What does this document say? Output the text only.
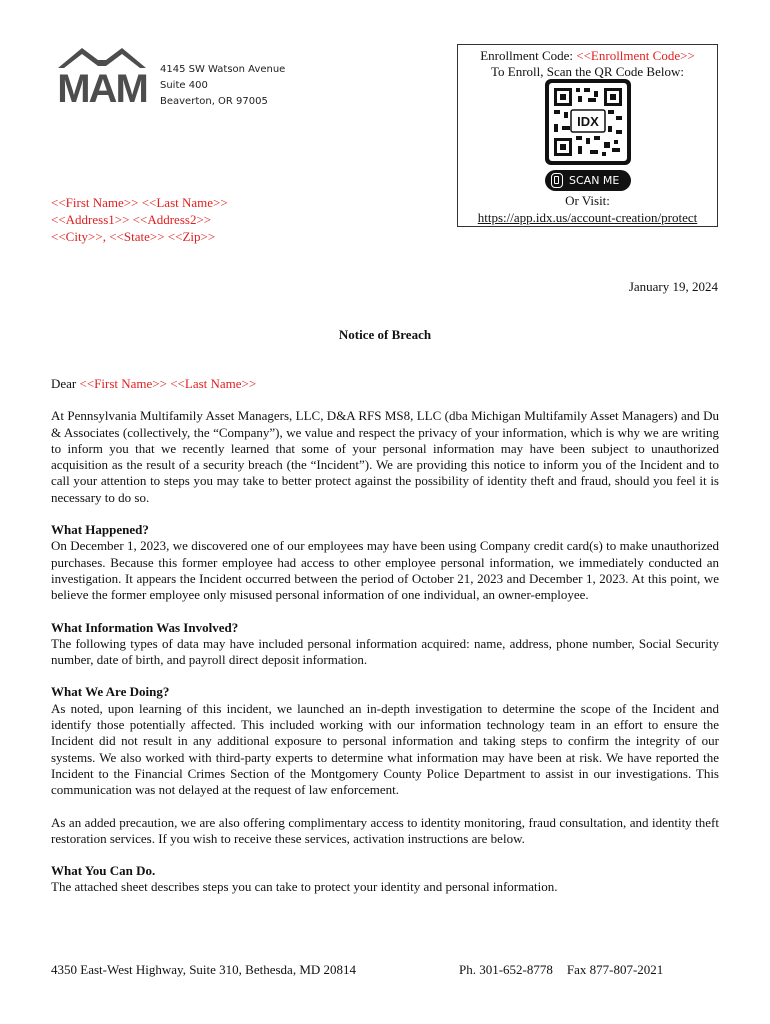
MAM 4145 SW Watson Avenue
Suite 400
Beaverton, OR 97005
Enrollment Code: <<Enrollment Code>>
To Enroll, Scan the QR Code Below:
IDX
SCAN ME
Or Visit:
https://app.idx.us/account-creation/protect
<<First Name>> <<Last Name>>
<<Address1>> <<Address2>>
<<City>>, <<State>> <<Zip>>
January 19, 2024
Notice of Breach

Dear <<First Name>> <<Last Name>>

At Pennsylvania Multifamily Asset Managers, LLC, D&A RFS MS8, LLC (dba Michigan Multifamily Asset Managers) and Du & Associates (collectively, the “Company”), we value and respect the privacy of your information, which is why we are writing to inform you that we recently learned that some of your personal information may have been subject to unauthorized acquisition as the result of a security breach (the “Incident”). We are providing this notice to inform you of the Incident and to call your attention to steps you may take to better protect against the possibility of identity theft and fraud, should you feel it is necessary to do so.

What Happened?

On December 1, 2023, we discovered one of our employees may have been using Company credit card(s) to make unauthorized purchases. Because this former employee had access to other employee personal information, we immediately conducted an investigation. It appears the Incident occurred between the period of October 21, 2023 and December 1, 2023. At this point, we believe the former employee only misused personal information of one individual, an owner-employee.

What Information Was Involved?

The following types of data may have included personal information acquired: name, address, phone number, Social Security number, date of birth, and payroll direct deposit information.

What We Are Doing?

As noted, upon learning of this incident, we launched an in-depth investigation to determine the scope of the Incident and identify those potentially affected. This included working with our information technology team in an effort to ensure the Incident did not result in any additional exposure to personal information and taking steps to confirm the integrity of our systems. We also worked with third-party experts to determine what information may have been at risk. We have reported the Incident to the Financial Crimes Section of the Montgomery County Police Department to assist in our investigations. This communication was not delayed at the request of law enforcement.

As an added precaution, we are also offering complimentary access to identity monitoring, fraud consultation, and identity theft restoration services. If you wish to receive these services, activation instructions are below.

What You Can Do.

The attached sheet describes steps you can take to protect your identity and personal information.

4350 East-West Highway, Suite 310, Bethesda, MD 20814	Ph. 301-652-8778 Fax 877-807-2021
